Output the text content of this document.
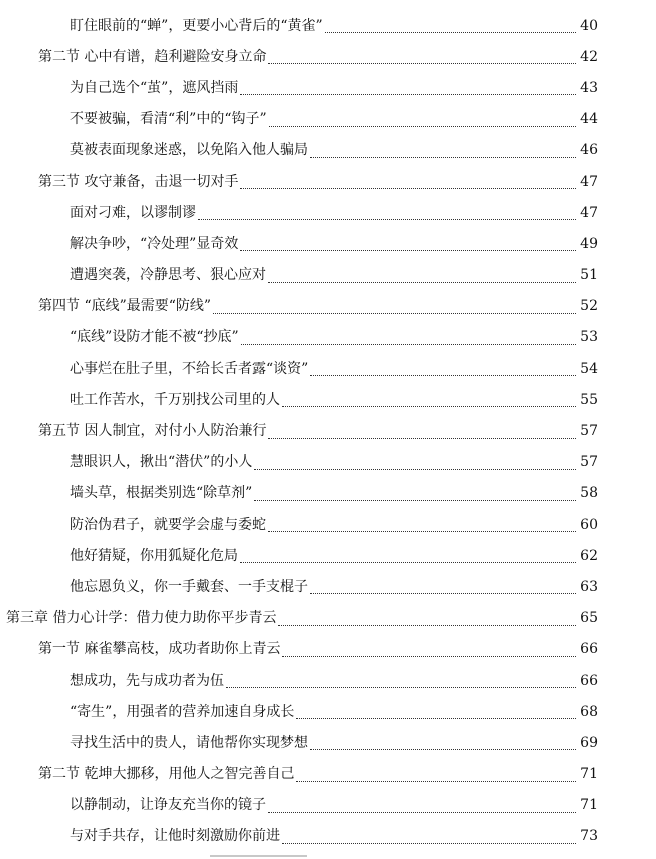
盯住眼前的“蝉”，更要小心背后的“黄雀”	40
第二节 心中有谱，趋利避险安身立命	42
为自己选个“茧”，遮风挡雨	43
不要被骗，看清“利”中的“钩子”	44
莫被表面现象迷惑，以免陷入他人骗局	46
第三节 攻守兼备，击退一切对手	47
面对刁难，以谬制谬	47
解决争吵，“冷处理”显奇效	49
遭遇突袭，冷静思考、狠心应对	51
第四节 “底线”最需要“防线”	52
“底线”设防才能不被“抄底”	53
心事烂在肚子里，不给长舌者露“谈资”	54
吐工作苦水，千万别找公司里的人	55
第五节 因人制宜，对付小人防治兼行	57
慧眼识人，揪出“潜伏”的小人	57
墙头草，根据类别选“除草剂”	58
防治伪君子，就要学会虚与委蛇	60
他好猜疑，你用狐疑化危局	62
他忘恩负义，你一手戴套、一手支棍子	63
第三章 借力心计学：借力使力助你平步青云	65
第一节 麻雀攀高枝，成功者助你上青云	66
想成功，先与成功者为伍	66
“寄生”，用强者的营养加速自身成长	68
寻找生活中的贵人，请他帮你实现梦想	69
第二节 乾坤大挪移，用他人之智完善自己	71
以静制动，让诤友充当你的镜子	71
与对手共存，让他时刻激励你前进	73
